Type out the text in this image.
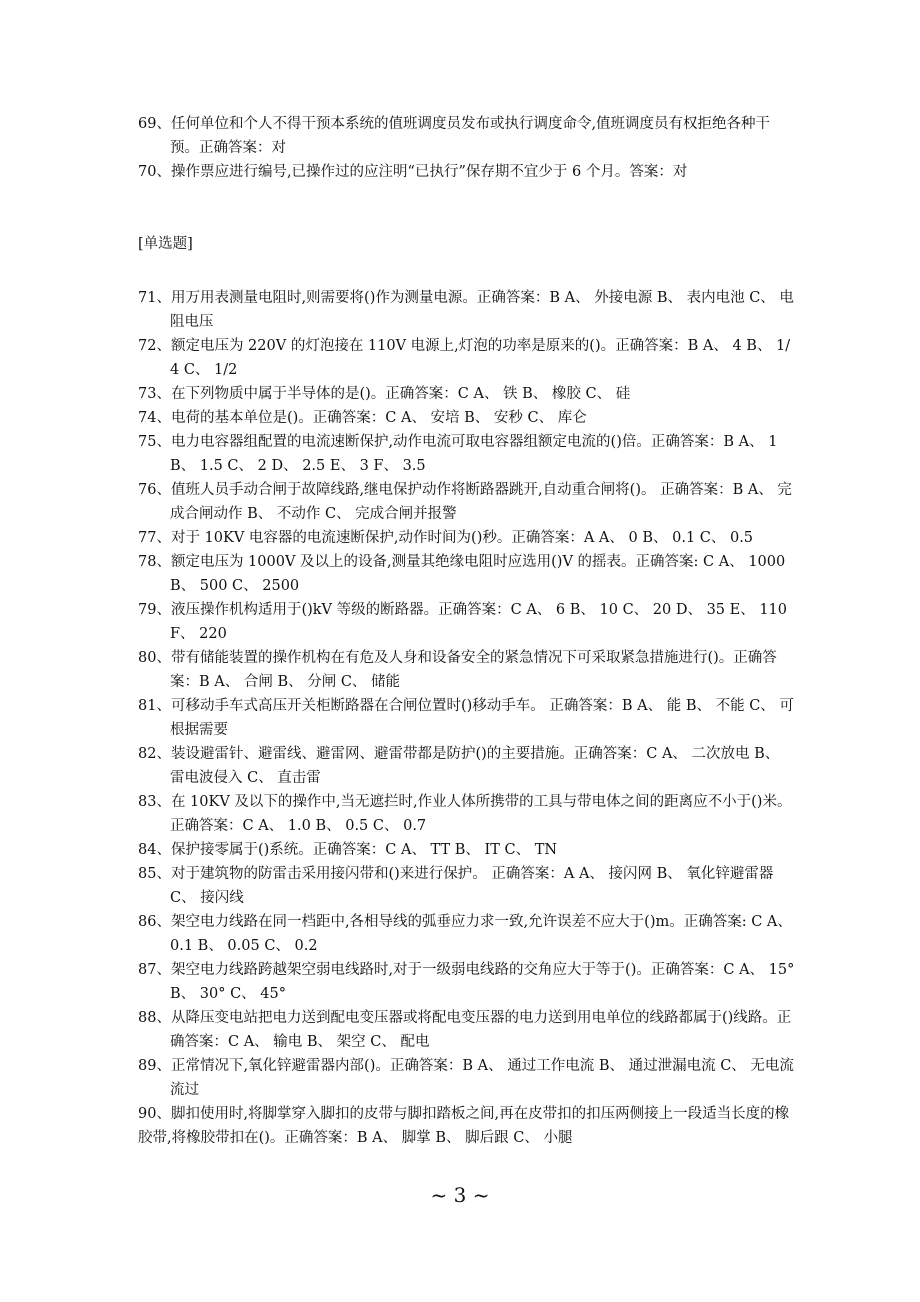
69、任何单位和个人不得干预本系统的值班调度员发布或执行调度命令,值班调度员有权拒绝各种干预。正确答案：对
70、操作票应进行编号,已操作过的应注明“已执行”保存期不宜少于 6 个月。答案：对
[单选题]
71、用万用表测量电阻时,则需要将()作为测量电源。正确答案：B A、 外接电源 B、 表内电池 C、 电阻电压
72、额定电压为 220V 的灯泡接在 110V 电源上,灯泡的功率是原来的()。正确答案：B A、 4 B、 1/4 C、 1/2
73、在下列物质中属于半导体的是()。正确答案：C A、 铁 B、 橡胶 C、 硅
74、电荷的基本单位是()。正确答案：C A、 安培 B、 安秒 C、 库仑
75、电力电容器组配置的电流速断保护,动作电流可取电容器组额定电流的()倍。正确答案：B A、 1 B、 1.5 C、 2 D、 2.5 E、 3 F、 3.5
76、值班人员手动合闸于故障线路,继电保护动作将断路器跳开,自动重合闸将()。 正确答案：B A、 完成合闸动作 B、 不动作 C、 完成合闸并报警
77、对于 10KV 电容器的电流速断保护,动作时间为()秒。正确答案：A A、 0 B、 0.1 C、 0.5
78、额定电压为 1000V 及以上的设备,测量其绝缘电阻时应选用()V 的摇表。正确答案: C A、 1000 B、 500 C、 2500
79、液压操作机构适用于()kV 等级的断路器。正确答案：C A、 6 B、 10 C、 20 D、 35 E、 110 F、 220
80、带有储能装置的操作机构在有危及人身和设备安全的紧急情况下可采取紧急措施进行()。正确答案：B A、 合闸 B、 分闸 C、 储能
81、可移动手车式高压开关柜断路器在合闸位置时()移动手车。 正确答案：B A、 能 B、 不能 C、 可根据需要
82、装设避雷针、避雷线、避雷网、避雷带都是防护()的主要措施。正确答案：C A、 二次放电 B、 雷电波侵入 C、 直击雷
83、在 10KV 及以下的操作中,当无遮拦时,作业人体所携带的工具与带电体之间的距离应不小于()米。正确答案：C A、 1.0 B、 0.5 C、 0.7
84、保护接零属于()系统。正确答案：C A、 TT B、 IT C、 TN
85、对于建筑物的防雷击采用接闪带和()来进行保护。 正确答案：A A、 接闪网 B、 氧化锌避雷器 C、 接闪线
86、架空电力线路在同一档距中,各相导线的弧垂应力求一致,允许误差不应大于()m。正确答案: C A、 0.1 B、 0.05 C、 0.2
87、架空电力线路跨越架空弱电线路时,对于一级弱电线路的交角应大于等于()。正确答案：C A、 15° B、 30° C、 45°
88、从降压变电站把电力送到配电变压器或将配电变压器的电力送到用电单位的线路都属于()线路。正确答案：C A、 输电 B、 架空 C、 配电
89、正常情况下,氧化锌避雷器内部()。正确答案：B A、 通过工作电流 B、 通过泄漏电流 C、 无电流流过
90、脚扣使用时,将脚掌穿入脚扣的皮带与脚扣踏板之间,再在皮带扣的扣压两侧接上一段适当长度的橡胶带,将橡胶带扣在()。正确答案：B A、 脚掌 B、 脚后跟 C、 小腿
~ 3 ~
